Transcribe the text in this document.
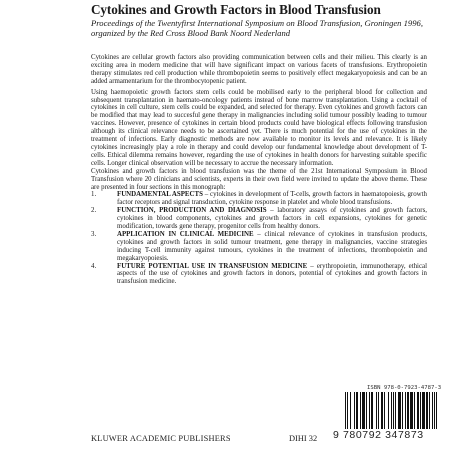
Cytokines and Growth Factors in Blood Transfusion
Proceedings of the Twentyfirst International Symposium on Blood Transfusion, Groningen 1996, organized by the Red Cross Blood Bank Noord Nederland

Cytokines are cellular growth factors also providing communication between cells and their milieu. This clearly is an exciting area in modern medicine that will have significant impact on various facets of transfusions. Erythropoietin therapy stimulates red cell production while thrombopoietin seems to positively effect megakaryopoiesis and can be an added armamentarium for the thrombocytopenic patient.

Using haemopoietic growth factors stem cells could be mobilised early to the peripheral blood for collection and subsequent transplantation in haemato-oncology patients instead of bone marrow transplantation. Using a cocktail of cytokines in cell culture, stem cells could be expanded, and selected for therapy. Even cytokines and growth factors can be modified that may lead to succesful gene therapy in malignancies including solid tumour possibly leading to tumour vaccines. However, presence of cytokines in certain blood products could have biological effects following transfusion although its clinical relevance needs to be ascertained yet. There is much potential for the use of cytokines in the treatment of infections. Early diagnostic methods are now available to monitor its levels and relevance. It is likely cytokines increasingly play a role in therapy and could develop our fundamental knowledge about development of T-cells. Ethical dilemma remains however, regarding the use of cytokines in health donors for harvesting suitable specific cells. Longer clinical observation will be necessary to accrue the necessary information.

Cytokines and growth factors in blood transfusion was the theme of the 21st International Symposium in Blood Transfusion where 20 clinicians and scientists, experts in their own field were invited to update the above theme. These are presented in four sections in this monograph:

1.	FUNDAMENTAL ASPECTS – cytokines in development of T-cells, growth factors in haematopoiesis, growth factor receptors and signal transduction, cytokine response in platelet and whole blood transfusions.
2.	FUNCTION, PRODUCTION AND DIAGNOSIS – laboratory assays of cytokines and growth factors, cytokines in blood components, cytokines and growth factors in cell expansions, cytokines for genetic modification, towards gene therapy, progenitor cells from healthy donors.
3.	APPLICATION IN CLINICAL MEDICINE – clinical relevance of cytokines in transfusion products, cytokines and growth factors in solid tumour treatment, gene therapy in malignancies, vaccine strategies inducing T-cell immunity against tumours, cytokines in the treatment of infections, thrombopoietin and megakaryopoiesis.
4.	FUTURE POTENTIAL USE IN TRANSFUSION MEDICINE – erythropoietin, immunotherapy, ethical aspects of the use of cytokines and growth factors in donors, potential of cytokines and growth factors in transfusion medicine.
ISBN 978-0-7923-4787-3
9 780792 347873
KLUWER ACADEMIC PUBLISHERS	DIHI 32
